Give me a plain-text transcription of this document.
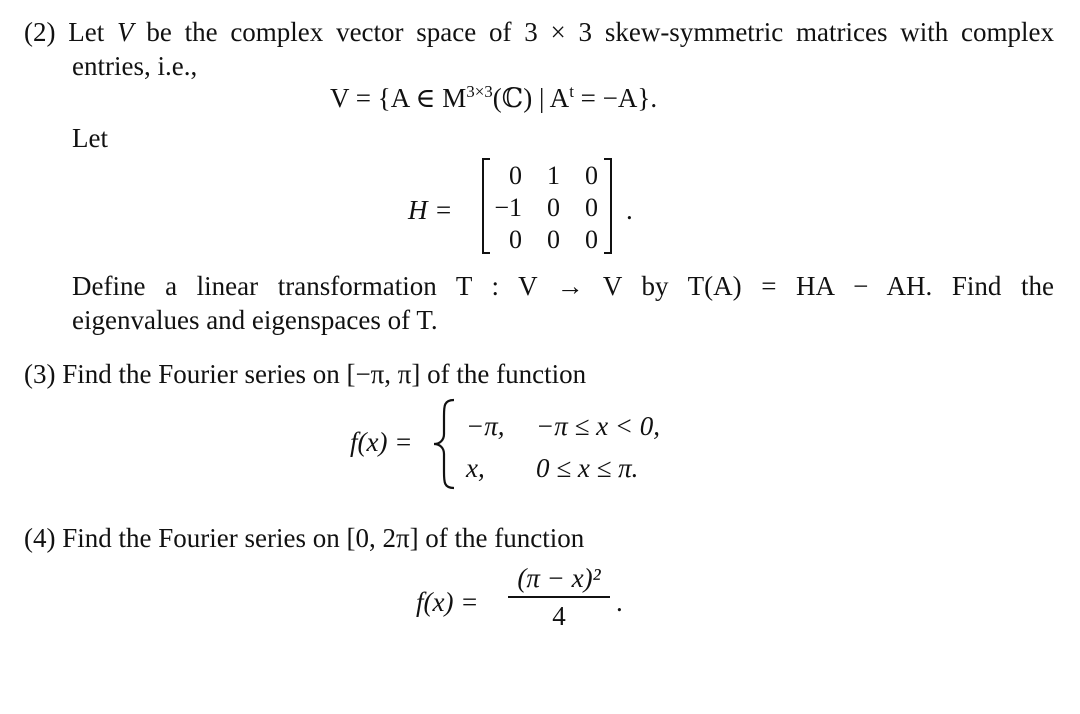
(2) Let V be the complex vector space of 3 × 3 skew-symmetric matrices with complex
entries, i.e.,
V = {A ∈ $M^{3\times 3}(ℂ)$ | $A^t = -A$}.
Let
H =
0 1 0
−1 0 0
0 0 0
.
Define a linear transformation T : V → V by T(A) = HA − AH. Find the
eigenvalues and eigenspaces of T.
(3) Find the Fourier series on [−π, π] of the function
f(x) =
−π, −π ≤ x < 0,
x, 0 ≤ x ≤ π.
(4) Find the Fourier series on [0, 2π] of the function
f(x) =
(π − x)²
4	.
